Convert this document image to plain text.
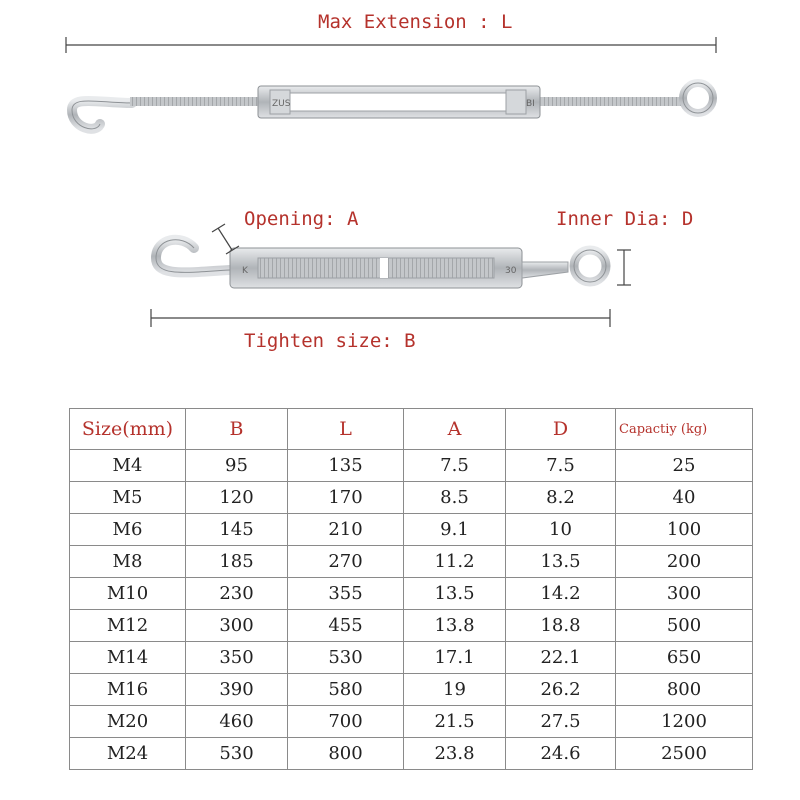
ZUS	BI
K	30
Max Extension : L
Opening: A	Inner Dia: D
Tighten size: B
Size(mm)	B	L	A	D	Capactiy (kg)
M4	95	135	7.5	7.5	25
M5	120	170	8.5	8.2	40
M6	145	210	9.1	10	100
M8	185	270	11.2	13.5	200
M10	230	355	13.5	14.2	300
M12	300	455	13.8	18.8	500
M14	350	530	17.1	22.1	650
M16	390	580	19	26.2	800
M20	460	700	21.5	27.5	1200
M24	530	800	23.8	24.6	2500
